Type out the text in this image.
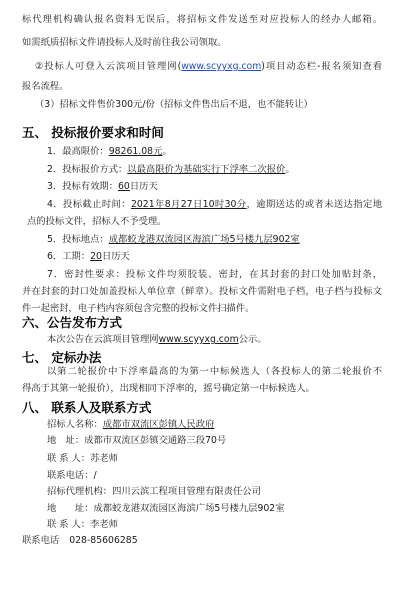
标代理机构确认报名资料无误后，将招标文件发送至对应投标人的经办人邮箱。
如需纸质招标文件请投标人及时前往我公司领取。
②投标人可登入云滨项目管理网(www.scyyxg.com)项目动态栏-报名须知查看
报名流程。
（3）招标文件售价300元/份（招标文件售出后不退，也不能转让）
五、 投标报价要求和时间
1．最高限价：98261.08元。
2．投标报价方式：以最高限价为基础实行下浮率二次报价。
3．投标有效期：60日历天
4．投标截止时间：2021年8月27日10时30分，逾期送达的或者未送达指定地
点的投标文件，招标人不予受理。
5．投标地点：成都蛟龙港双流园区海滨广场5号楼九层902室
6．工期：20日历天
7．密封性要求：投标文件均须胶装、密封，在其封套的封口处加贴封条，
并在封套的封口处加盖投标人单位章（鲜章）。投标文件需附电子档，电子档与投标文
件一起密封，电子档内容须包含完整的投标文件扫描件。
六、公告发布方式
本次公告在云滨项目管理网www.scyyxg.com公示。
七、 定标办法
以第二轮报价中下浮率最高的为第一中标候选人（各投标人的第二轮报价不
得高于其第一轮报价），出现相同下浮率的，摇号确定第一中标候选人。
八、 联系人及联系方式
招标人名称：成都市双流区彭镇人民政府
地　址：成都市双流区彭镇交通路三段70号
联 系 人：苏老师
联系电话：/
招标代理机构：四川云滨工程项目管理有限责任公司
地　　址：成都蛟龙港双流园区海滨广场5号楼九层902室
联 系 人：李老师
联系电话 028-85606285
